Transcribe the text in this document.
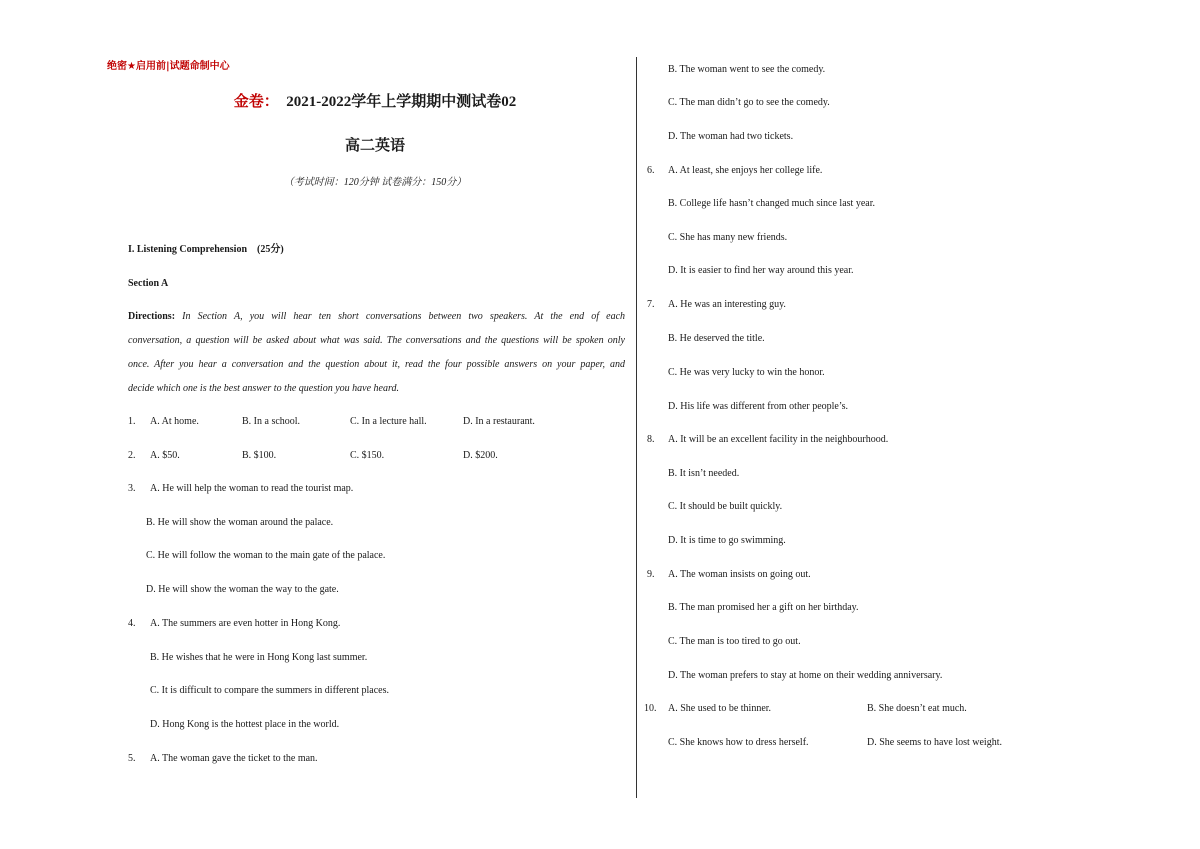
绝密★启用前|试题命制中心
金卷： 2021-2022学年上学期期中测试卷02
高二英语
（考试时间：120分钟 试卷满分：150分）
I. Listening Comprehension (25分)
Section A
Directions: In Section A, you will hear ten short conversations between two speakers. At the end of each
conversation, a question will be asked about what was said. The conversations and the questions will be spoken only
once. After you hear a conversation and the question about it, read the four possible answers on your paper, and
decide which one is the best answer to the question you have heard.
1. A. At home.	B. In a school.	C. In a lecture hall.	D. In a restaurant.
2. A. $50.	B. $100.	C. $150.	D. $200.
3. A. He will help the woman to read the tourist map.
B. He will show the woman around the palace.
C. He will follow the woman to the main gate of the palace.
D. He will show the woman the way to the gate.
4. A. The summers are even hotter in Hong Kong.
B. He wishes that he were in Hong Kong last summer.
C. It is difficult to compare the summers in different places.
D. Hong Kong is the hottest place in the world.
5. A. The woman gave the ticket to the man.
B. The woman went to see the comedy.
C. The man didn’t go to see the comedy.
D. The woman had two tickets.
6. A. At least, she enjoys her college life.
B. College life hasn’t changed much since last year.
C. She has many new friends.
D. It is easier to find her way around this year.
7. A. He was an interesting guy.
B. He deserved the title.
C. He was very lucky to win the honor.
D. His life was different from other people’s.
8. A. It will be an excellent facility in the neighbourhood.
B. It isn’t needed.
C. It should be built quickly.
D. It is time to go swimming.
9. A. The woman insists on going out.
B. The man promised her a gift on her birthday.
C. The man is too tired to go out.
D. The woman prefers to stay at home on their wedding anniversary.
10. A. She used to be thinner.	B. She doesn’t eat much.
C. She knows how to dress herself.	D. She seems to have lost weight.
